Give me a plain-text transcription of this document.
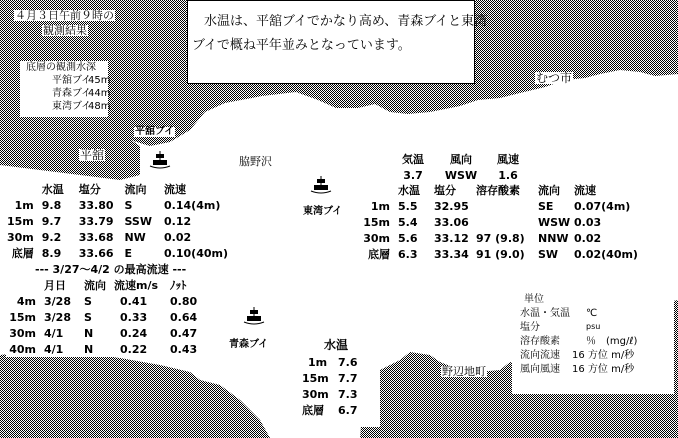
４月３日午前９時の
観測結果
水温は、平舘ブイでかなり高め、青森ブイと東湾
ブイで概ね平年並みとなっています。
底層の観測水深
平舘ブイ
45m
青森ブイ
44m
東湾ブイ
48m
むつ市
平舘	脇野沢
野辺地町
平舘ブイ
東湾ブイ
青森ブイ
	水温	塩分	流向	流速
1m	9.8	33.80	S	0.14(4m)
15m	9.7	33.79	SSW	0.12
30m	9.2	33.68	NW	0.02
底層	8.9	33.66	E	0.10(40m)
--- 3/27～4/2 の最高流速 ---
	月日	流向	流速m/s	ﾉｯﾄ
4m	3/28	S	0.41	0.80
15m	3/28	S	0.33	0.64
30m	4/1	N	0.24	0.47
40m	4/1	N	0.22	0.43
気温	風向	風速
3.7	WSW	1.6
	水温	塩分	溶存酸素	流向	流速
1m	5.5	32.95		SE	0.07(4m)
15m	5.4	33.06		WSW	0.03
30m	5.6	33.12	97 (9.8)	NNW	0.02
底層	6.3	33.34	91 (9.0)	SW	0.02(40m)
水温
1m 7.6
15m 7.7
30m 7.3
底層 6.7
単位
水温・気温 ℃
塩分	psu
溶存酸素	％　(mg/ℓ)
流向流速 16 方位 m/秒
風向風速 16 方位 m/秒
